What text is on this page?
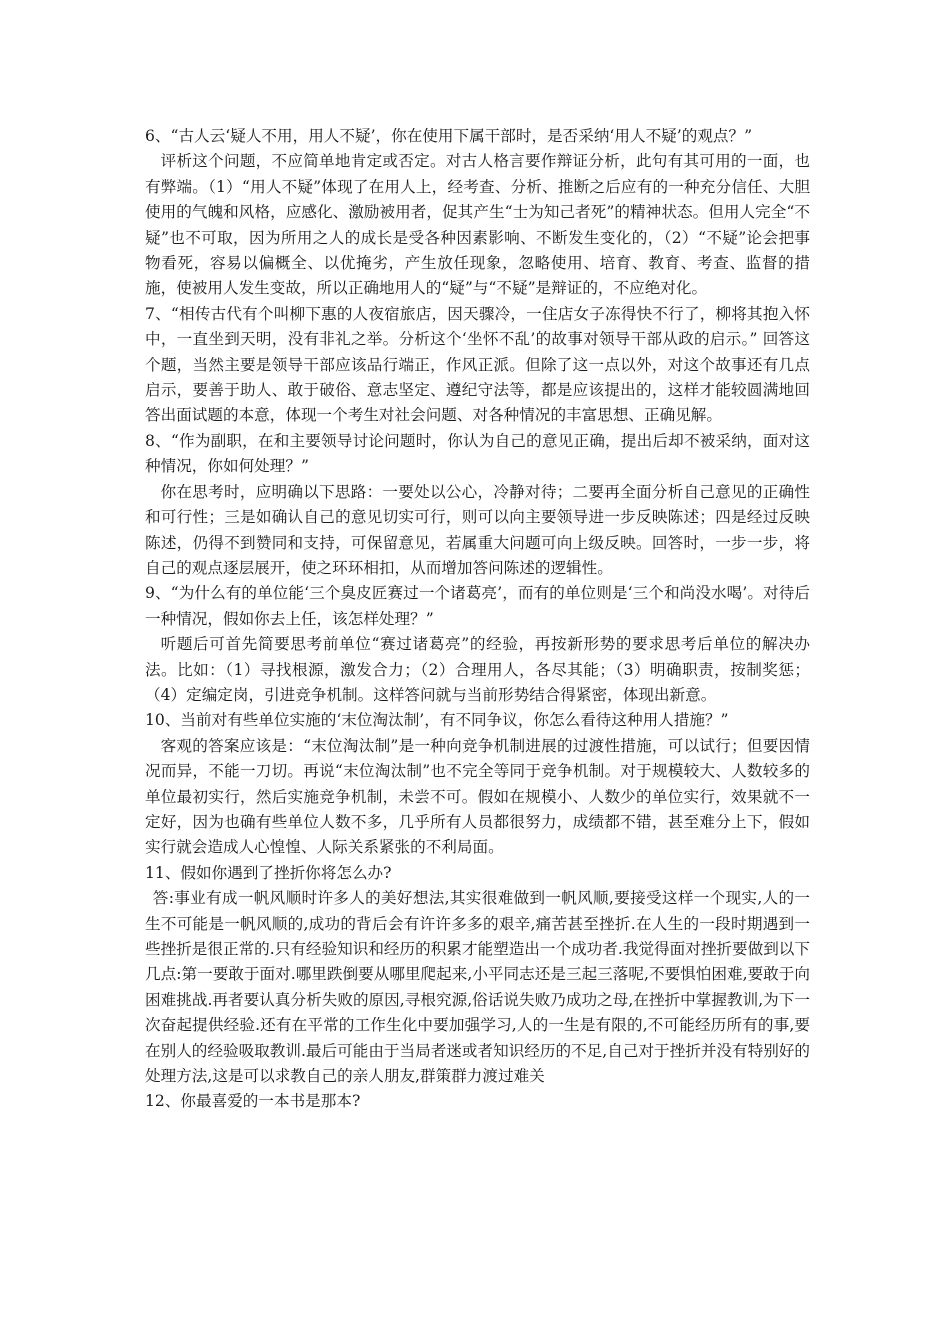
6、“古人云‘疑人不用，用人不疑’，你在使用下属干部时，是否采纳‘用人不疑’的观点？”

评析这个问题，不应简单地肯定或否定。对古人格言要作辩证分析，此句有其可用的一面，也有弊端。（1）“用人不疑”体现了在用人上，经考查、分析、推断之后应有的一种充分信任、大胆使用的气魄和风格，应感化、激励被用者，促其产生“士为知己者死”的精神状态。但用人完全“不疑”也不可取，因为所用之人的成长是受各种因素影响、不断发生变化的，（2）“不疑”论会把事物看死，容易以偏概全、以优掩劣，产生放任现象，忽略使用、培育、教育、考查、监督的措施，使被用人发生变故，所以正确地用人的“疑”与“不疑”是辩证的，不应绝对化。

7、“相传古代有个叫柳下惠的人夜宿旅店，因天骤冷，一住店女子冻得快不行了，柳将其抱入怀中，一直坐到天明，没有非礼之举。分析这个‘坐怀不乱’的故事对领导干部从政的启示。” 回答这个题，当然主要是领导干部应该品行端正，作风正派。但除了这一点以外，对这个故事还有几点启示，要善于助人、敢于破俗、意志坚定、遵纪守法等，都是应该提出的，这样才能较圆满地回答出面试题的本意，体现一个考生对社会问题、对各种情况的丰富思想、正确见解。

8、“作为副职，在和主要领导讨论问题时，你认为自己的意见正确，提出后却不被采纳，面对这种情况，你如何处理？”

你在思考时，应明确以下思路：一要处以公心，冷静对待；二要再全面分析自己意见的正确性和可行性；三是如确认自己的意见切实可行，则可以向主要领导进一步反映陈述；四是经过反映陈述，仍得不到赞同和支持，可保留意见，若属重大问题可向上级反映。回答时，一步一步，将自己的观点逐层展开，使之环环相扣，从而增加答问陈述的逻辑性。

9、“为什么有的单位能‘三个臭皮匠赛过一个诸葛亮’，而有的单位则是‘三个和尚没水喝’。对待后一种情况，假如你去上任，该怎样处理？”

听题后可首先简要思考前单位“赛过诸葛亮”的经验，再按新形势的要求思考后单位的解决办法。比如：（1）寻找根源，激发合力；（2）合理用人，各尽其能；（3）明确职责，按制奖惩；（4）定编定岗，引进竞争机制。这样答问就与当前形势结合得紧密，体现出新意。

10、当前对有些单位实施的‘末位淘汰制’，有不同争议，你怎么看待这种用人措施？”

客观的答案应该是：“末位淘汰制”是一种向竞争机制进展的过渡性措施，可以试行；但要因情况而异，不能一刀切。再说“末位淘汰制”也不完全等同于竞争机制。对于规模较大、人数较多的单位最初实行，然后实施竞争机制，未尝不可。假如在规模小、人数少的单位实行，效果就不一定好，因为也确有些单位人数不多，几乎所有人员都很努力，成绩都不错，甚至难分上下，假如实行就会造成人心惶惶、人际关系紧张的不利局面。

11、假如你遇到了挫折你将怎么办?

答:事业有成一帆风顺时许多人的美好想法,其实很难做到一帆风顺,要接受这样一个现实,人的一生不可能是一帆风顺的,成功的背后会有许许多多的艰辛,痛苦甚至挫折.在人生的一段时期遇到一些挫折是很正常的.只有经验知识和经历的积累才能塑造出一个成功者.我觉得面对挫折要做到以下几点:第一要敢于面对.哪里跌倒要从哪里爬起来,小平同志还是三起三落呢,不要惧怕困难,要敢于向困难挑战.再者要认真分析失败的原因,寻根究源,俗话说失败乃成功之母,在挫折中掌握教训,为下一次奋起提供经验.还有在平常的工作生化中要加强学习,人的一生是有限的,不可能经历所有的事,要在别人的经验吸取教训.最后可能由于当局者迷或者知识经历的不足,自己对于挫折并没有特别好的处理方法,这是可以求教自己的亲人朋友,群策群力渡过难关

12、你最喜爱的一本书是那本?
